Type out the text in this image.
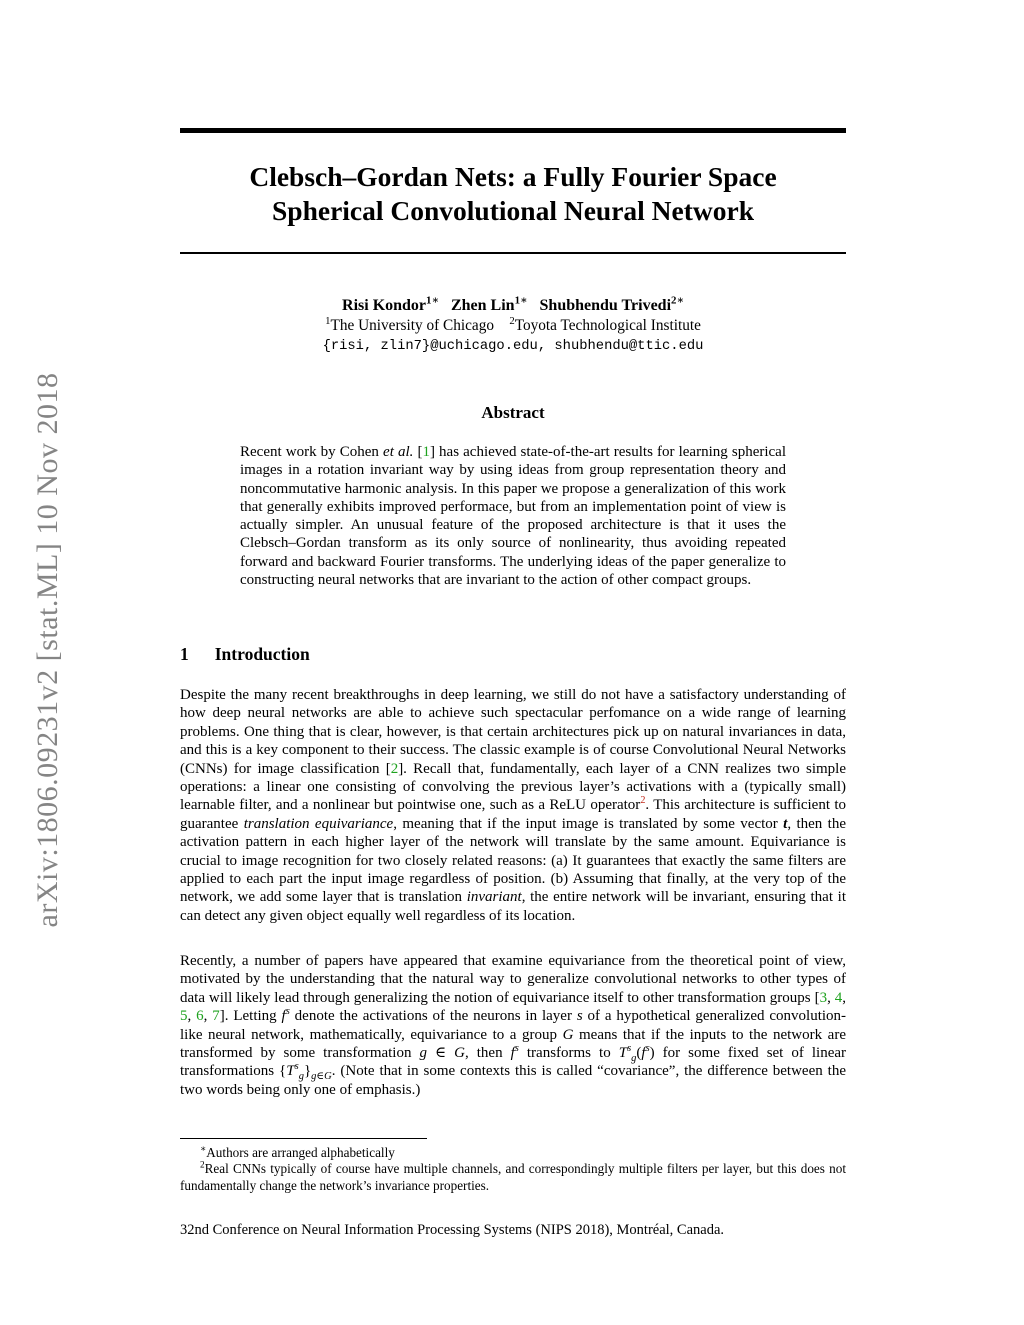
arXiv:1806.09231v2 [stat.ML] 10 Nov 2018
Clebsch–Gordan Nets: a Fully Fourier Space
Spherical Convolutional Neural Network
Risi Kondor$^{1∗}$ Zhen Lin$^{1∗}$ Shubhendu Trivedi$^{2∗}$
$^1$The University of Chicago $^2$Toyota Technological Institute
{risi, zlin7}@uchicago.edu, shubhendu@ttic.edu
Abstract
Recent work by Cohen et al. [1] has achieved state-of-the-art results for learning spherical images in a rotation invariant way by using ideas from group representation theory and noncommutative harmonic analysis. In this paper we propose a generalization of this work that generally exhibits improved performace, but from an implementation point of view is actually simpler. An unusual feature of the proposed architecture is that it uses the Clebsch–Gordan transform as its only source of nonlinearity, thus avoiding repeated forward and backward Fourier transforms. The underlying ideas of the paper generalize to constructing neural networks that are invariant to the action of other compact groups.
1 Introduction
Despite the many recent breakthroughs in deep learning, we still do not have a satisfactory understanding of how deep neural networks are able to achieve such spectacular perfomance on a wide range of learning problems. One thing that is clear, however, is that certain architectures pick up on natural invariances in data, and this is a key component to their success. The classic example is of course Convolutional Neural Networks (CNNs) for image classification [2]. Recall that, fundamentally, each layer of a CNN realizes two simple operations: a linear one consisting of convolving the previous layer’s activations with a (typically small) learnable filter, and a nonlinear but pointwise one, such as a ReLU operator$^2$. This architecture is sufficient to guarantee translation equivariance, meaning that if the input image is translated by some vector t, then the activation pattern in each higher layer of the network will translate by the same amount. Equivariance is crucial to image recognition for two closely related reasons: (a) It guarantees that exactly the same filters are applied to each part the input image regardless of position. (b) Assuming that finally, at the very top of the network, we add some layer that is translation invariant, the entire network will be invariant, ensuring that it can detect any given object equally well regardless of its location.
Recently, a number of papers have appeared that examine equivariance from the theoretical point of view, motivated by the understanding that the natural way to generalize convolutional networks to other types of data will likely lead through generalizing the notion of equivariance itself to other transformation groups [3, 4, 5, 6, 7]. Letting $f^s$ denote the activations of the neurons in layer s of a hypothetical generalized convolution-like neural network, mathematically, equivariance to a group G means that if the inputs to the network are transformed by some transformation g ∈ G, then $f^s$ transforms to $T^s_g(f^s)$ for some fixed set of linear transformations $\{T^s_g\}_{g\in G}$. (Note that in some contexts this is called “covariance”, the difference between the two words being only one of emphasis.)
∗Authors are arranged alphabetically
$^2$Real CNNs typically of course have multiple channels, and correspondingly multiple filters per layer, but this does not fundamentally change the network’s invariance properties.
32nd Conference on Neural Information Processing Systems (NIPS 2018), Montréal, Canada.
